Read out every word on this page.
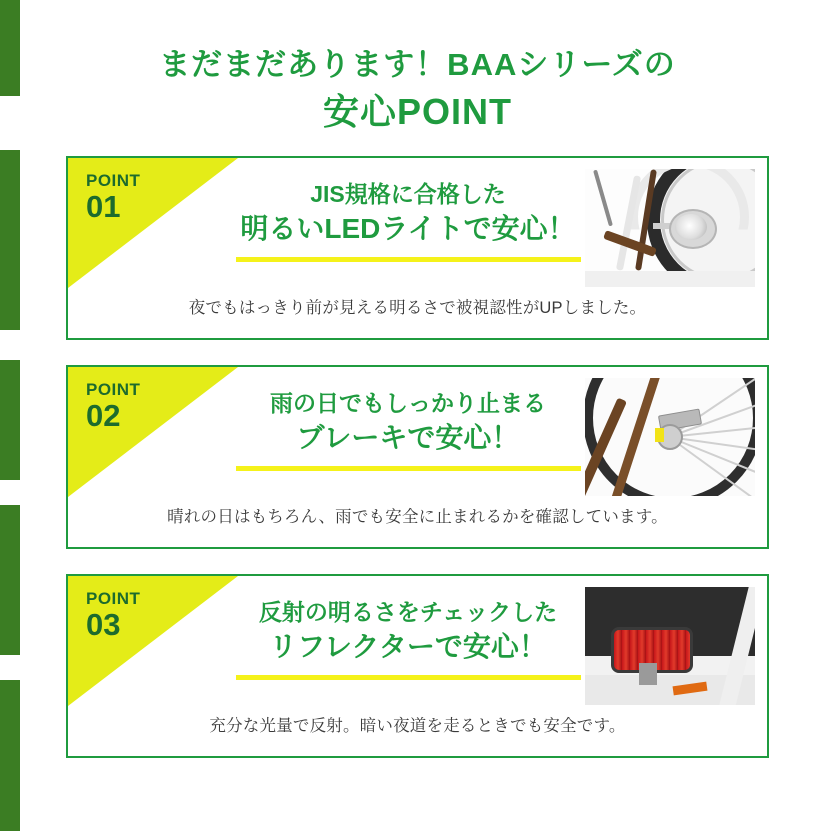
まだまだあります！BAAシリーズの
安心POINT
JIS規格に合格した
明るいLEDライトで安心！
夜でもはっきり前が見える明るさで被視認性がUPしました。
POINT
01
雨の日でもしっかり止まる
ブレーキで安心！
晴れの日はもちろん、雨でも安全に止まれるかを確認しています。
POINT
02
反射の明るさをチェックした
リフレクターで安心！
充分な光量で反射。暗い夜道を走るときでも安全です。
POINT
03
